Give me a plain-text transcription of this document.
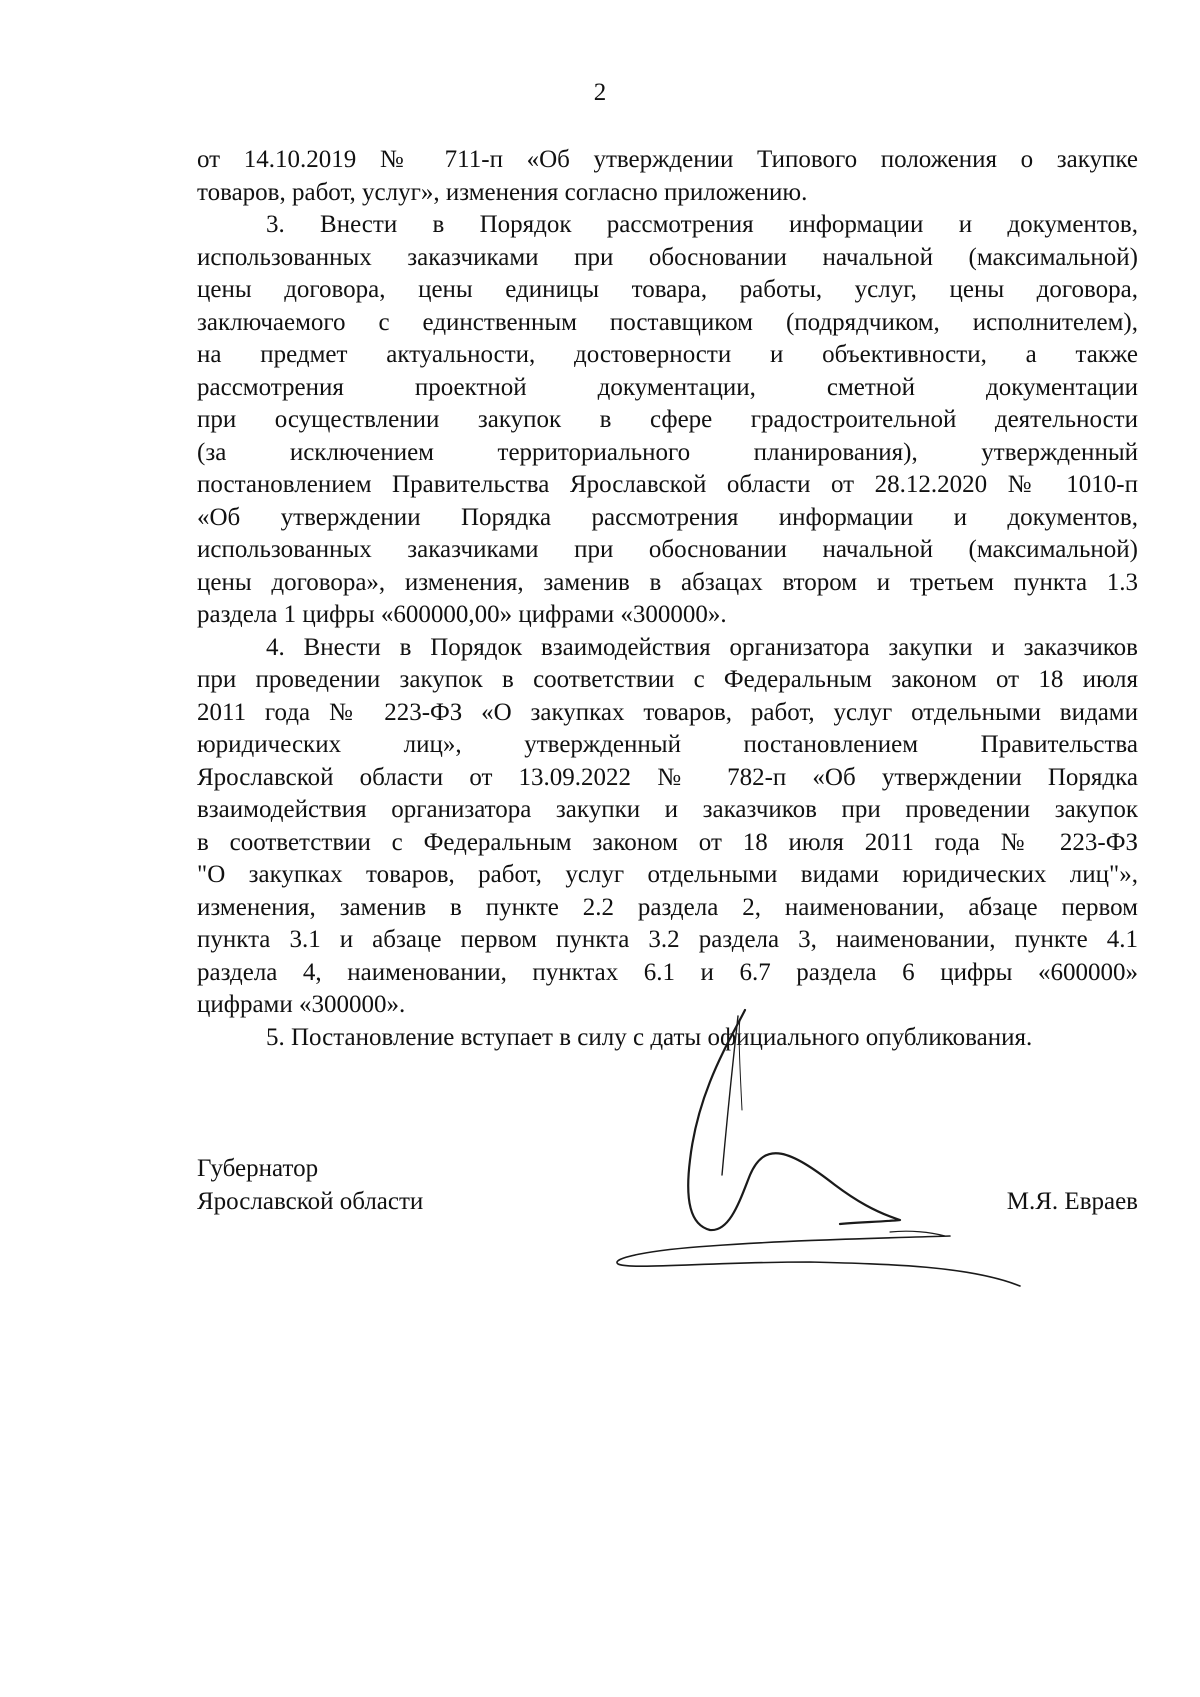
2

от 14.10.2019 № 711-п «Об утверждении Типового положения о закупке
товаров, работ, услуг», изменения согласно приложению.

3. Внести в Порядок рассмотрения информации и документов,
использованных заказчиками при обосновании начальной (максимальной)
цены договора, цены единицы товара, работы, услуг, цены договора,
заключаемого с единственным поставщиком (подрядчиком, исполнителем),
на предмет актуальности, достоверности и объективности, а также
рассмотрения проектной документации, сметной документации
при осуществлении закупок в сфере градостроительной деятельности
(за исключением территориального планирования), утвержденный
постановлением Правительства Ярославской области от 28.12.2020 № 1010-п
«Об утверждении Порядка рассмотрения информации и документов,
использованных заказчиками при обосновании начальной (максимальной)
цены договора», изменения, заменив в абзацах втором и третьем пункта 1.3
раздела 1 цифры «600000,00» цифрами «300000».

4. Внести в Порядок взаимодействия организатора закупки и заказчиков
при проведении закупок в соответствии с Федеральным законом от 18 июля
2011 года № 223-ФЗ «О закупках товаров, работ, услуг отдельными видами
юридических лиц», утвержденный постановлением Правительства
Ярославской области от 13.09.2022 № 782-п «Об утверждении Порядка
взаимодействия организатора закупки и заказчиков при проведении закупок
в соответствии с Федеральным законом от 18 июля 2011 года № 223-ФЗ
"О закупках товаров, работ, услуг отдельными видами юридических лиц"»,
изменения, заменив в пункте 2.2 раздела 2, наименовании, абзаце первом
пункта 3.1 и абзаце первом пункта 3.2 раздела 3, наименовании, пункте 4.1
раздела 4, наименовании, пунктах 6.1 и 6.7 раздела 6 цифры «600000»
цифрами «300000».

5. Постановление вступает в силу с даты официального опубликования.

Губернатор
Ярославской области	М.Я. Евраев
